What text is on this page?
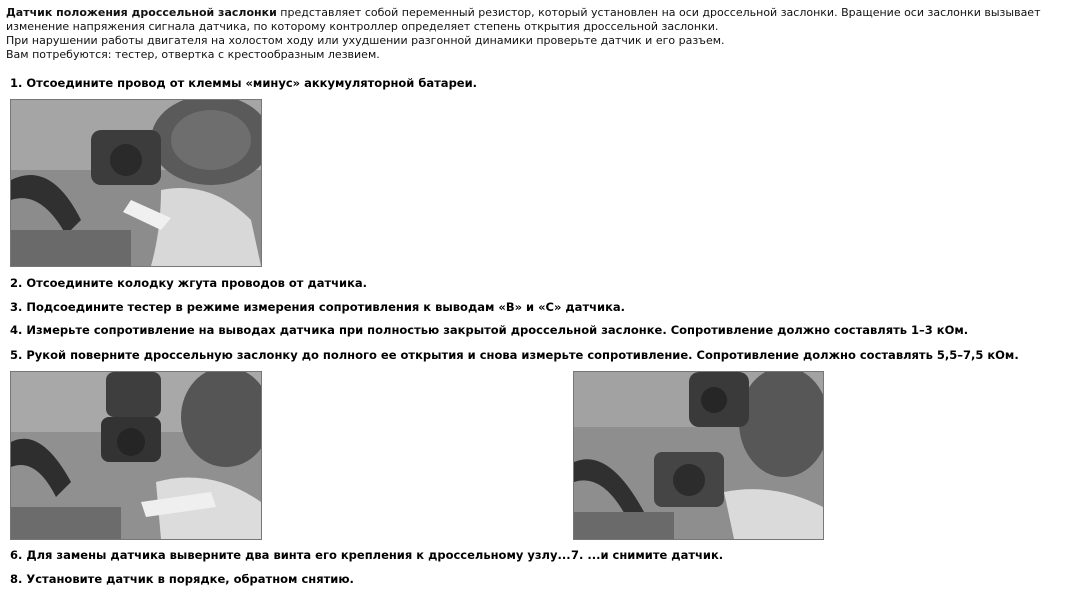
Датчик положения дроссельной заслонки представляет собой переменный резистор, который установлен на оси дроссельной заслонки. Вращение оси заслонки вызывает изменение напряжения сигнала датчика, по которому контроллер определяет степень открытия дроссельной заслонки.

При нарушении работы двигателя на холостом ходу или ухудшении разгонной динамики проверьте датчик и его разъем.

Вам потребуются: тестер, отвертка с крестообразным лезвием.

1. Отсоедините провод от клеммы «минус» аккумуляторной батареи.
2. Отсоедините колодку жгута проводов от датчика.
3. Подсоедините тестер в режиме измерения сопротивления к выводам «В» и «С» датчика.
4. Измерьте сопротивление на выводах датчика при полностью закрытой дроссельной заслонке. Сопротивление должно составлять 1–3 кОм.
5. Рукой поверните дроссельную заслонку до полного ее открытия и снова измерьте сопротивление. Сопротивление должно составлять 5,5–7,5 кОм.
6. Для замены датчика выверните два винта его крепления к дроссельному узлу... 7. ...и снимите датчик.
8. Установите датчик в порядке, обратном снятию.
